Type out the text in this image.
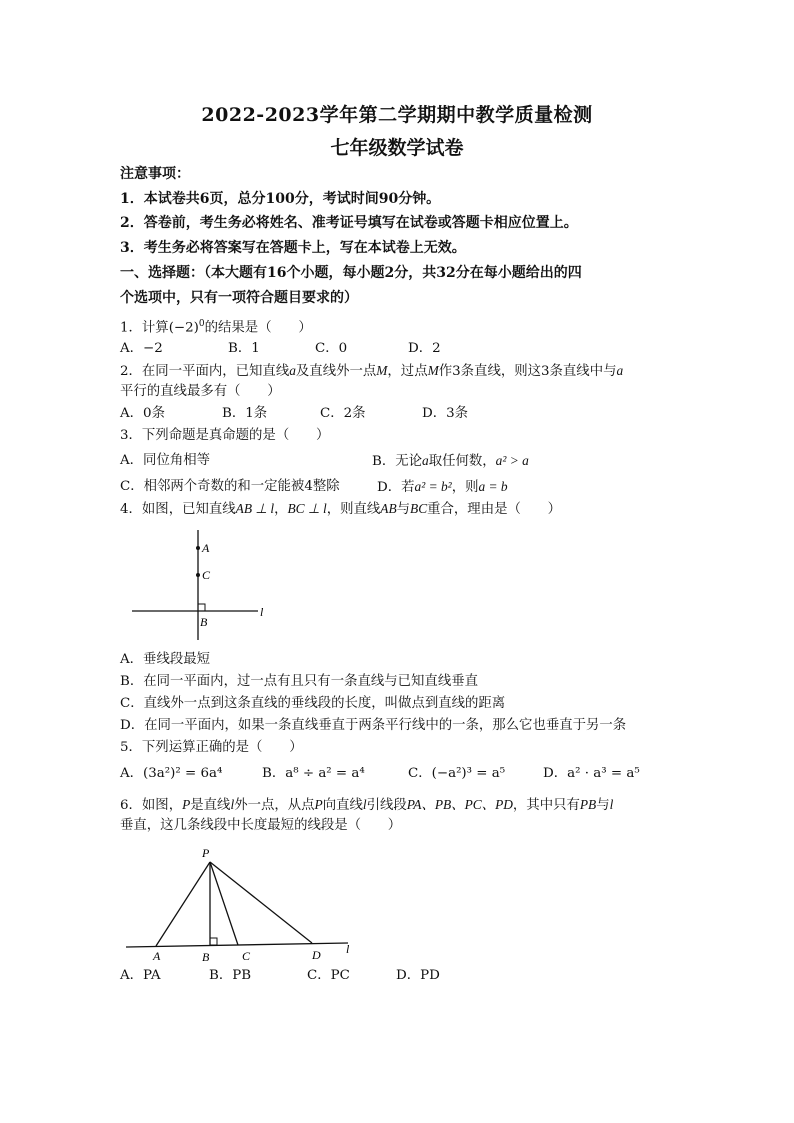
2022-2023学年第二学期期中教学质量检测
七年级数学试卷
注意事项：
1．本试卷共6页，总分100分，考试时间90分钟。
2．答卷前，考生务必将姓名、准考证号填写在试卷或答题卡相应位置上。
3．考生务必将答案写在答题卡上，写在本试卷上无效。
一、选择题：（本大题有16个小题，每小题2分，共32分在每小题给出的四
个选项中，只有一项符合题目要求的）
1．计算$(-2)^0$的结果是（　　）
A．−2	B．1	C．0	D．2
2．在同一平面内，已知直线a及直线外一点M，过点M作3条直线，则这3条直线中与a
平行的直线最多有（　　）
A．0条	B．1条	C．2条	D．3条
3．下列命题是真命题的是（　　）
A．同位角相等	B．无论a取任何数，a² > a
C．相邻两个奇数的和一定能被4整除	D．若a² = b²，则a = b
4．如图，已知直线AB ⊥ l，BC ⊥ l，则直线AB与BC重合，理由是（　　）
A
C
B
l
A．垂线段最短
B．在同一平面内，过一点有且只有一条直线与已知直线垂直
C．直线外一点到这条直线的垂线段的长度，叫做点到直线的距离
D．在同一平面内，如果一条直线垂直于两条平行线中的一条，那么它也垂直于另一条
5．下列运算正确的是（　　）
A．(3a²)² = 6a⁴	B．a⁸ ÷ a² = a⁴	C．(−a²)³ = a⁵	D．a² · a³ = a⁵
6．如图，P是直线l外一点，从点P向直线l引线段PA、PB、PC、PD，其中只有PB与l
垂直，这几条线段中长度最短的线段是（　　）
P
A	B	C	D l
A．PA	B．PB	C．PC	D．PD
